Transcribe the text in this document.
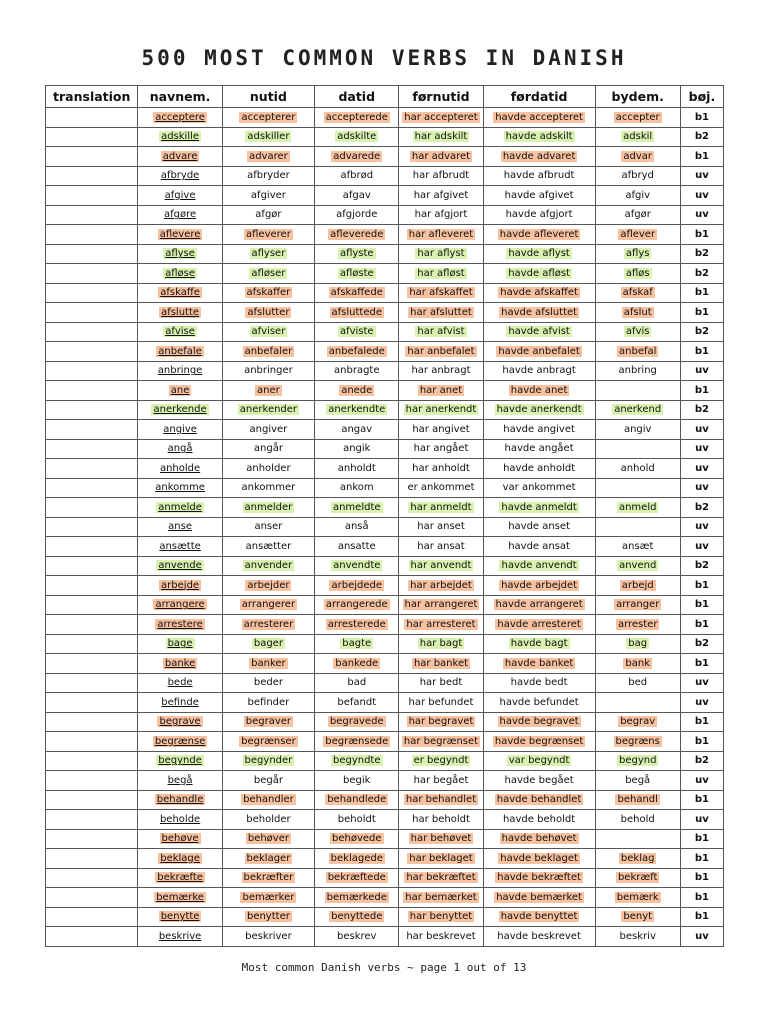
500 MOST COMMON VERBS IN DANISH
translation	navnem.	nutid	datid	førnutid	førdatid	bydem.	bøj.
	acceptere	accepterer	accepterede	har accepteret	havde accepteret	accepter	b1
	adskille	adskiller	adskilte	har adskilt	havde adskilt	adskil	b2
	advare	advarer	advarede	har advaret	havde advaret	advar	b1
	afbryde	afbryder	afbrød	har afbrudt	havde afbrudt	afbryd	uv
	afgive	afgiver	afgav	har afgivet	havde afgivet	afgiv	uv
	afgøre	afgør	afgjorde	har afgjort	havde afgjort	afgør	uv
	aflevere	afleverer	afleverede	har afleveret	havde afleveret	aflever	b1
	aflyse	aflyser	aflyste	har aflyst	havde aflyst	aflys	b2
	afløse	afløser	afløste	har afløst	havde afløst	afløs	b2
	afskaffe	afskaffer	afskaffede	har afskaffet	havde afskaffet	afskaf	b1
	afslutte	afslutter	afsluttede	har afsluttet	havde afsluttet	afslut	b1
	afvise	afviser	afviste	har afvist	havde afvist	afvis	b2
	anbefale	anbefaler	anbefalede	har anbefalet	havde anbefalet	anbefal	b1
	anbringe	anbringer	anbragte	har anbragt	havde anbragt	anbring	uv
	ane	aner	anede	har anet	havde anet		b1
	anerkende	anerkender	anerkendte	har anerkendt	havde anerkendt	anerkend	b2
	angive	angiver	angav	har angivet	havde angivet	angiv	uv
	angå	angår	angik	har angået	havde angået		uv
	anholde	anholder	anholdt	har anholdt	havde anholdt	anhold	uv
	ankomme	ankommer	ankom	er ankommet	var ankommet		uv
	anmelde	anmelder	anmeldte	har anmeldt	havde anmeldt	anmeld	b2
	anse	anser	anså	har anset	havde anset		uv
	ansætte	ansætter	ansatte	har ansat	havde ansat	ansæt	uv
	anvende	anvender	anvendte	har anvendt	havde anvendt	anvend	b2
	arbejde	arbejder	arbejdede	har arbejdet	havde arbejdet	arbejd	b1
	arrangere	arrangerer	arrangerede	har arrangeret	havde arrangeret	arranger	b1
	arrestere	arresterer	arresterede	har arresteret	havde arresteret	arrester	b1
	bage	bager	bagte	har bagt	havde bagt	bag	b2
	banke	banker	bankede	har banket	havde banket	bank	b1
	bede	beder	bad	har bedt	havde bedt	bed	uv
	befinde	befinder	befandt	har befundet	havde befundet		uv
	begrave	begraver	begravede	har begravet	havde begravet	begrav	b1
	begrænse	begrænser	begrænsede	har begrænset	havde begrænset	begræns	b1
	begynde	begynder	begyndte	er begyndt	var begyndt	begynd	b2
	begå	begår	begik	har begået	havde begået	begå	uv
	behandle	behandler	behandlede	har behandlet	havde behandlet	behandl	b1
	beholde	beholder	beholdt	har beholdt	havde beholdt	behold	uv
	behøve	behøver	behøvede	har behøvet	havde behøvet		b1
	beklage	beklager	beklagede	har beklaget	havde beklaget	beklag	b1
	bekræfte	bekræfter	bekræftede	har bekræftet	havde bekræftet	bekræft	b1
	bemærke	bemærker	bemærkede	har bemærket	havde bemærket	bemærk	b1
	benytte	benytter	benyttede	har benyttet	havde benyttet	benyt	b1
	beskrive	beskriver	beskrev	har beskrevet	havde beskrevet	beskriv	uv
Most common Danish verbs ~ page 1 out of 13
